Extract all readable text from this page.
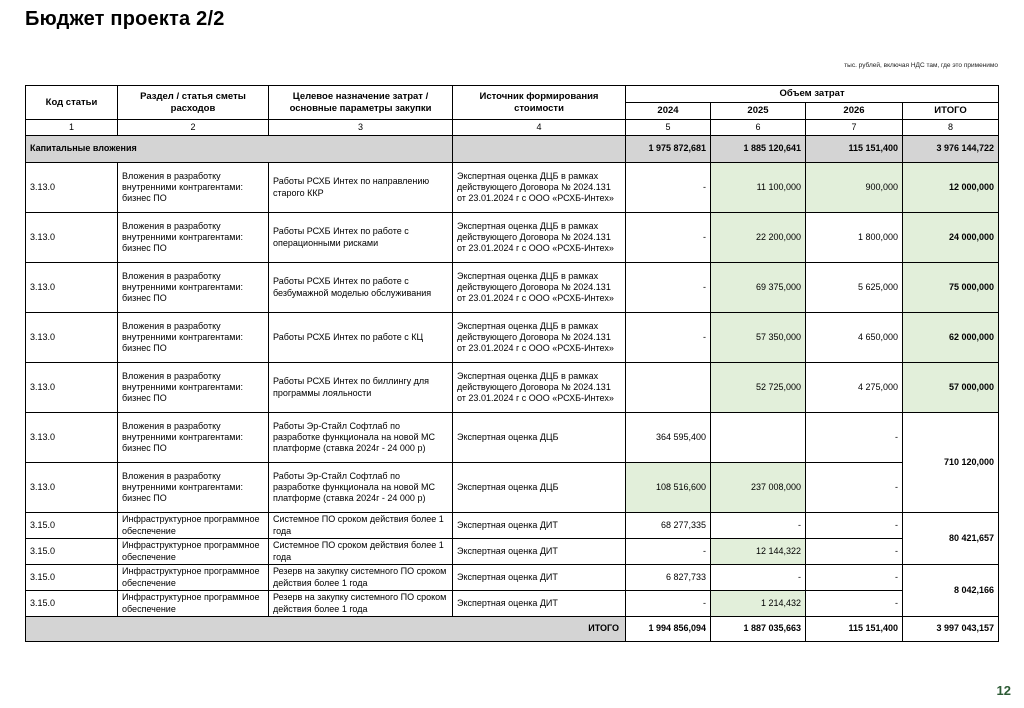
Бюджет проекта 2/2
тыс. рублей, включая НДС там, где это применимо
Код статьи	Раздел / статья сметы расходов	Целевое назначение затрат / основные параметры закупки	Источник формирования стоимости	Объем затрат			
				2024	2025	2026	ИТОГО
1	2	3	4	5	6	7	8
Капитальные вложения				1 975 872,681	1 885 120,641	115 151,400	3 976 144,722
3.13.0	Вложения в разработку внутренними контрагентами: бизнес ПО	Работы РСХБ Интех по направлению старого ККР	Экспертная оценка ДЦБ в рамках действующего Договора № 2024.131 от 23.01.2024 г с ООО «РСХБ-Интех»	-	11 100,000	900,000	12 000,000
3.13.0	Вложения в разработку внутренними контрагентами: бизнес ПО	Работы РСХБ Интех по работе с операционными рисками	Экспертная оценка ДЦБ в рамках действующего Договора № 2024.131 от 23.01.2024 г с ООО «РСХБ-Интех»	-	22 200,000	1 800,000	24 000,000
3.13.0	Вложения в разработку внутренними контрагентами: бизнес ПО	Работы РСХБ Интех по работе с безбумажной моделью обслуживания	Экспертная оценка ДЦБ в рамках действующего Договора № 2024.131 от 23.01.2024 г с ООО «РСХБ-Интех»	-	69 375,000	5 625,000	75 000,000
3.13.0	Вложения в разработку внутренними контрагентами: бизнес ПО	Работы РСХБ Интех по работе с КЦ	Экспертная оценка ДЦБ в рамках действующего Договора № 2024.131 от 23.01.2024 г с ООО «РСХБ-Интех»	-	57 350,000	4 650,000	62 000,000
3.13.0	Вложения в разработку внутренними контрагентами: бизнес ПО	Работы РСХБ Интех по биллингу для программы лояльности	Экспертная оценка ДЦБ в рамках действующего Договора № 2024.131 от 23.01.2024 г с ООО «РСХБ-Интех»		52 725,000	4 275,000	57 000,000
3.13.0	Вложения в разработку внутренними контрагентами: бизнес ПО	Работы Эр-Стайл Софтлаб по разработке функционала на новой МС платформе (ставка 2024г - 24 000 р)	Экспертная оценка ДЦБ	364 595,400		-	710 120,000
3.13.0	Вложения в разработку внутренними контрагентами: бизнес ПО	Работы Эр-Стайл Софтлаб по разработке функционала на новой МС платформе (ставка 2024г - 24 000 р)	Экспертная оценка ДЦБ	108 516,600	237 008,000	-	
3.15.0	Инфраструктурное программное обеспечение	Системное ПО сроком действия более 1 года	Экспертная оценка ДИТ	68 277,335	-	-	80 421,657
3.15.0	Инфраструктурное программное обеспечение	Системное ПО сроком действия более 1 года	Экспертная оценка ДИТ	-	12 144,322	-	
3.15.0	Инфраструктурное программное обеспечение	Резерв на закупку системного ПО сроком действия более 1 года	Экспертная оценка ДИТ	6 827,733	-	-	8 042,166
3.15.0	Инфраструктурное программное обеспечение	Резерв на закупку системного ПО сроком действия более 1 года	Экспертная оценка ДИТ	-	1 214,432	-	
ИТОГО				1 994 856,094	1 887 035,663	115 151,400	3 997 043,157
12
